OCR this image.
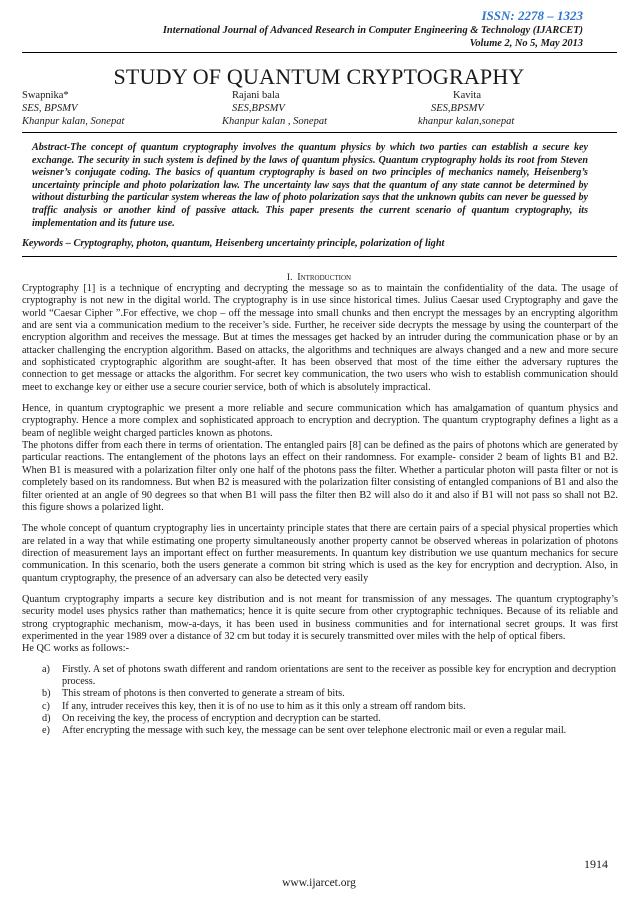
ISSN: 2278 – 1323
International Journal of Advanced Research in Computer Engineering & Technology (IJARCET)
Volume 2, No 5, May 2013
STUDY OF QUANTUM CRYPTOGRAPHY
Swapnika*
SES, BPSMV
Khanpur kalan, Sonepat
Rajani bala
SES,BPSMV
Khanpur kalan , Sonepat
Kavita
SES,BPSMV
khanpur kalan,sonepat
Abstract-The concept of quantum cryptography involves the quantum physics by which two parties can establish a secure key exchange. The security in such system is defined by the laws of quantum physics. Quantum cryptography holds its root from Steven weisner’s conjugate coding. The basics of quantum cryptography is based on two principles of mechanics namely, Heisenberg’s uncertainty principle and photo polarization law. The uncertainty law says that the quantum of any state cannot be determined by without disturbing the particular system whereas the law of photo polarization says that the unknown qubits can never be guessed by traffic analysis or another kind of passive attack. This paper presents the current scenario of quantum cryptography, its implementation and its future use.
Keywords – Cryptography, photon, quantum, Heisenberg uncertainty principle, polarization of light
I. Introduction

Cryptography [1] is a technique of encrypting and decrypting the message so as to maintain the confidentiality of the data. The usage of cryptography is not new in the digital world. The cryptography is in use since historical times. Julius Caesar used Cryptography and gave the world “Caesar Cipher ”.For effective, we chop – off the message into small chunks and then encrypt the messages by an encrypting algorithm and are sent via a communication medium to the receiver’s side. Further, he receiver side decrypts the message by using the counterpart of the encryption algorithm and receives the message. But at times the messages get hacked by an intruder during the communication phase or by an attacker challenging the encryption algorithm. Based on attacks, the algorithms and techniques are always changed and a new and more secure and sophisticated cryptographic algorithm are sought-after. It has been observed that most of the time either the adversary ruptures the connection to get message or attacks the algorithm. For secret key communication, the two users who wish to establish communication should meet to exchange key or either use a secure courier service, both of which is absolutely impractical.

Hence, in quantum cryptographic we present a more reliable and secure communication which has amalgamation of quantum physics and cryptography. Hence a more complex and sophisticated approach to encryption and decryption. The quantum cryptography defines a light as a beam of neglible weight charged particles known as photons.

The photons differ from each there in terms of orientation. The entangled pairs [8] can be defined as the pairs of photons which are generated by particular reactions. The entanglement of the photons lays an effect on their randomness. For example- consider 2 beam of lights B1 and B2. When B1 is measured with a polarization filter only one half of the photons pass the filter. Whether a particular photon will pasta filter or not is completely based on its randomness. But when B2 is measured with the polarization filter consisting of entangled companions of B1 and also the filter oriented at an angle of 90 degrees so that when B1 will pass the filter then B2 will also do it and also if B1 will not pass so shall not B2. this figure shows a polarized light.

The whole concept of quantum cryptography lies in uncertainty principle states that there are certain pairs of a special physical properties which are related in a way that while estimating one property simultaneously another property cannot be observed whereas in polarization of photons direction of measurement lays an important effect on further measurements. In quantum key distribution we use quantum mechanics for secure communication. In this scenario, both the users generate a common bit string which is used as the key for encryption and decryption. Also, in quantum cryptography, the presence of an adversary can also be detected very easily

Quantum cryptography imparts a secure key distribution and is not meant for transmission of any messages. The quantum cryptography’s security model uses physics rather than mathematics; hence it is quite secure from other cryptographic techniques. Because of its reliable and strong cryptographic mechanism, mow-a-days, it has been used in business communities and for international secret groups. It was first experimented in the year 1989 over a distance of 32 cm but today it is securely transmitted over miles with the help of optical fibers.

He QC works as follows:-

a) Firstly. A set of photons swath different and random orientations are sent to the receiver as possible key for encryption and decryption process.
b) This stream of photons is then converted to generate a stream of bits.
c) If any, intruder receives this key, then it is of no use to him as it this only a stream off random bits.
d) On receiving the key, the process of encryption and decryption can be started.
e) After encrypting the message with such key, the message can be sent over telephone electronic mail or even a regular mail.
1914
www.ijarcet.org
